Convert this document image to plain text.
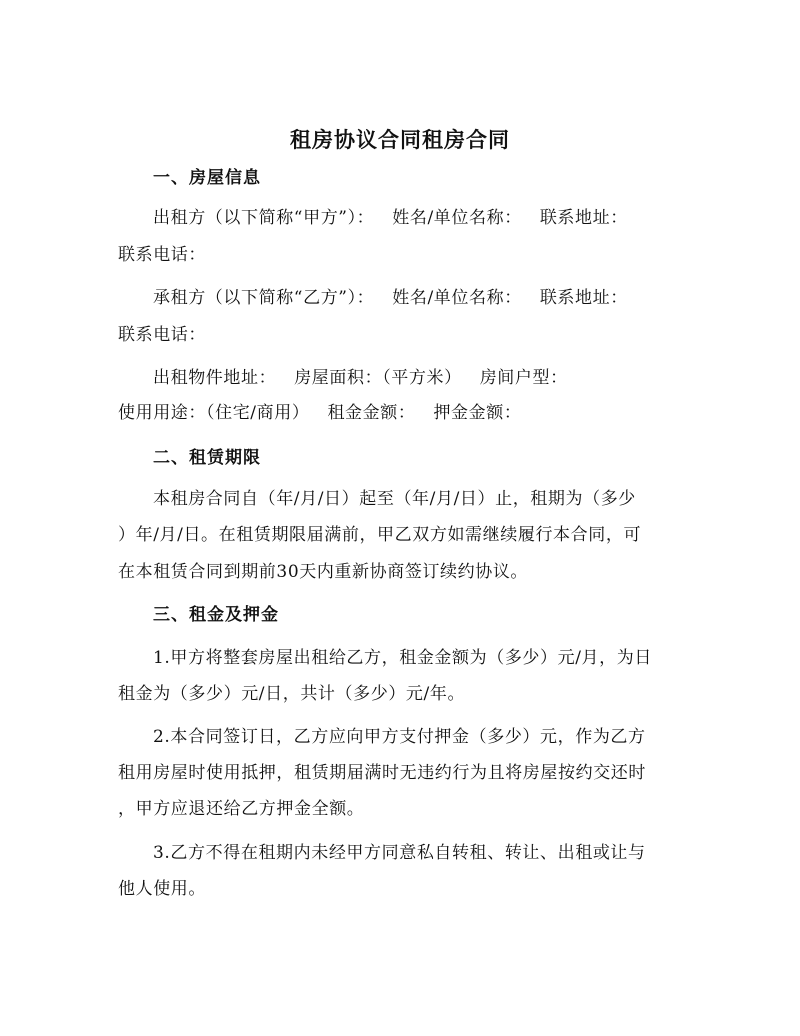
租房协议合同租房合同
一、房屋信息
出租方（以下简称“甲方”）： 姓名/单位名称： 联系地址：
联系电话：
承租方（以下简称“乙方”）： 姓名/单位名称： 联系地址：
联系电话：
出租物件地址： 房屋面积：（平方米） 房间户型：
使用用途：（住宅/商用） 租金金额： 押金金额：
二、租赁期限
本租房合同自（年/月/日）起至（年/月/日）止，租期为（多少
）年/月/日。在租赁期限届满前，甲乙双方如需继续履行本合同，可
在本租赁合同到期前30天内重新协商签订续约协议。
三、租金及押金
1.甲方将整套房屋出租给乙方，租金金额为（多少）元/月，为日
租金为（多少）元/日，共计（多少）元/年。
2.本合同签订日，乙方应向甲方支付押金（多少）元，作为乙方
租用房屋时使用抵押，租赁期届满时无违约行为且将房屋按约交还时
，甲方应退还给乙方押金全额。
3.乙方不得在租期内未经甲方同意私自转租、转让、出租或让与
他人使用。
